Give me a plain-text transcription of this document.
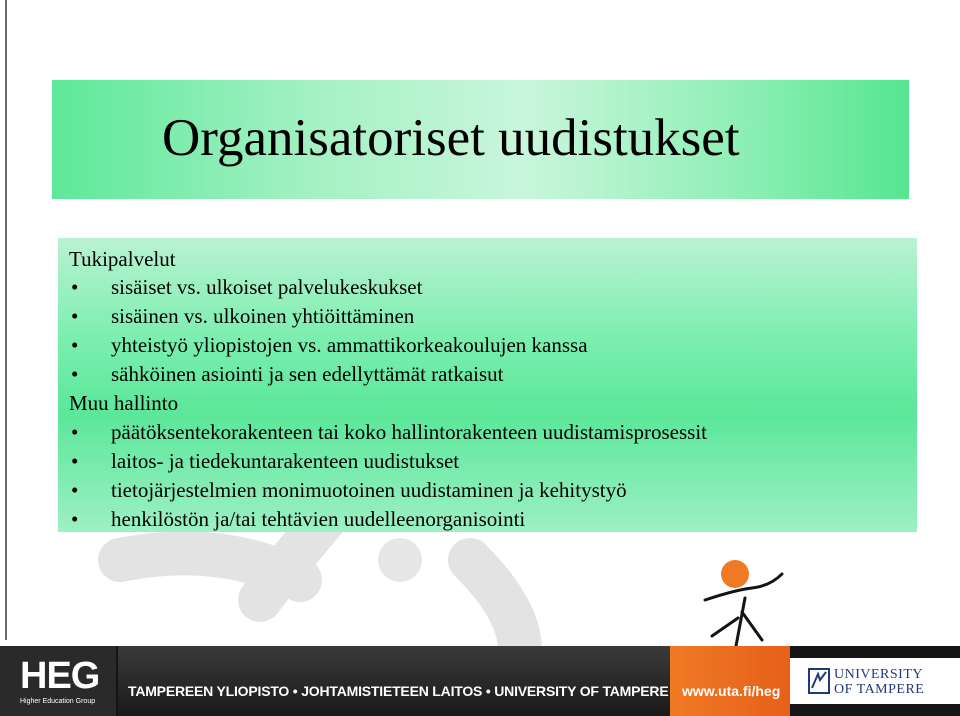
Organisatoriset uudistukset
Tukipalvelut
• sisäiset vs. ulkoiset palvelukeskukset
• sisäinen vs. ulkoinen yhtiöittäminen
• yhteistyö yliopistojen vs. ammattikorkeakoulujen kanssa
• sähköinen asiointi ja sen edellyttämät ratkaisut
Muu hallinto
• päätöksentekorakenteen tai koko hallintorakenteen uudistamisprosessit
• laitos- ja tiedekuntarakenteen uudistukset
• tietojärjestelmien monimuotoinen uudistaminen ja kehitystyö
• henkilöstön ja/tai tehtävien uudelleenorganisointi
HEG
Higher Education Group
TAMPEREEN YLIOPISTO • JOHTAMISTIETEEN LAITOS • UNIVERSITY OF TAMPERE www.uta.fi/heg
UNIVERSITY
OF TAMPERE
